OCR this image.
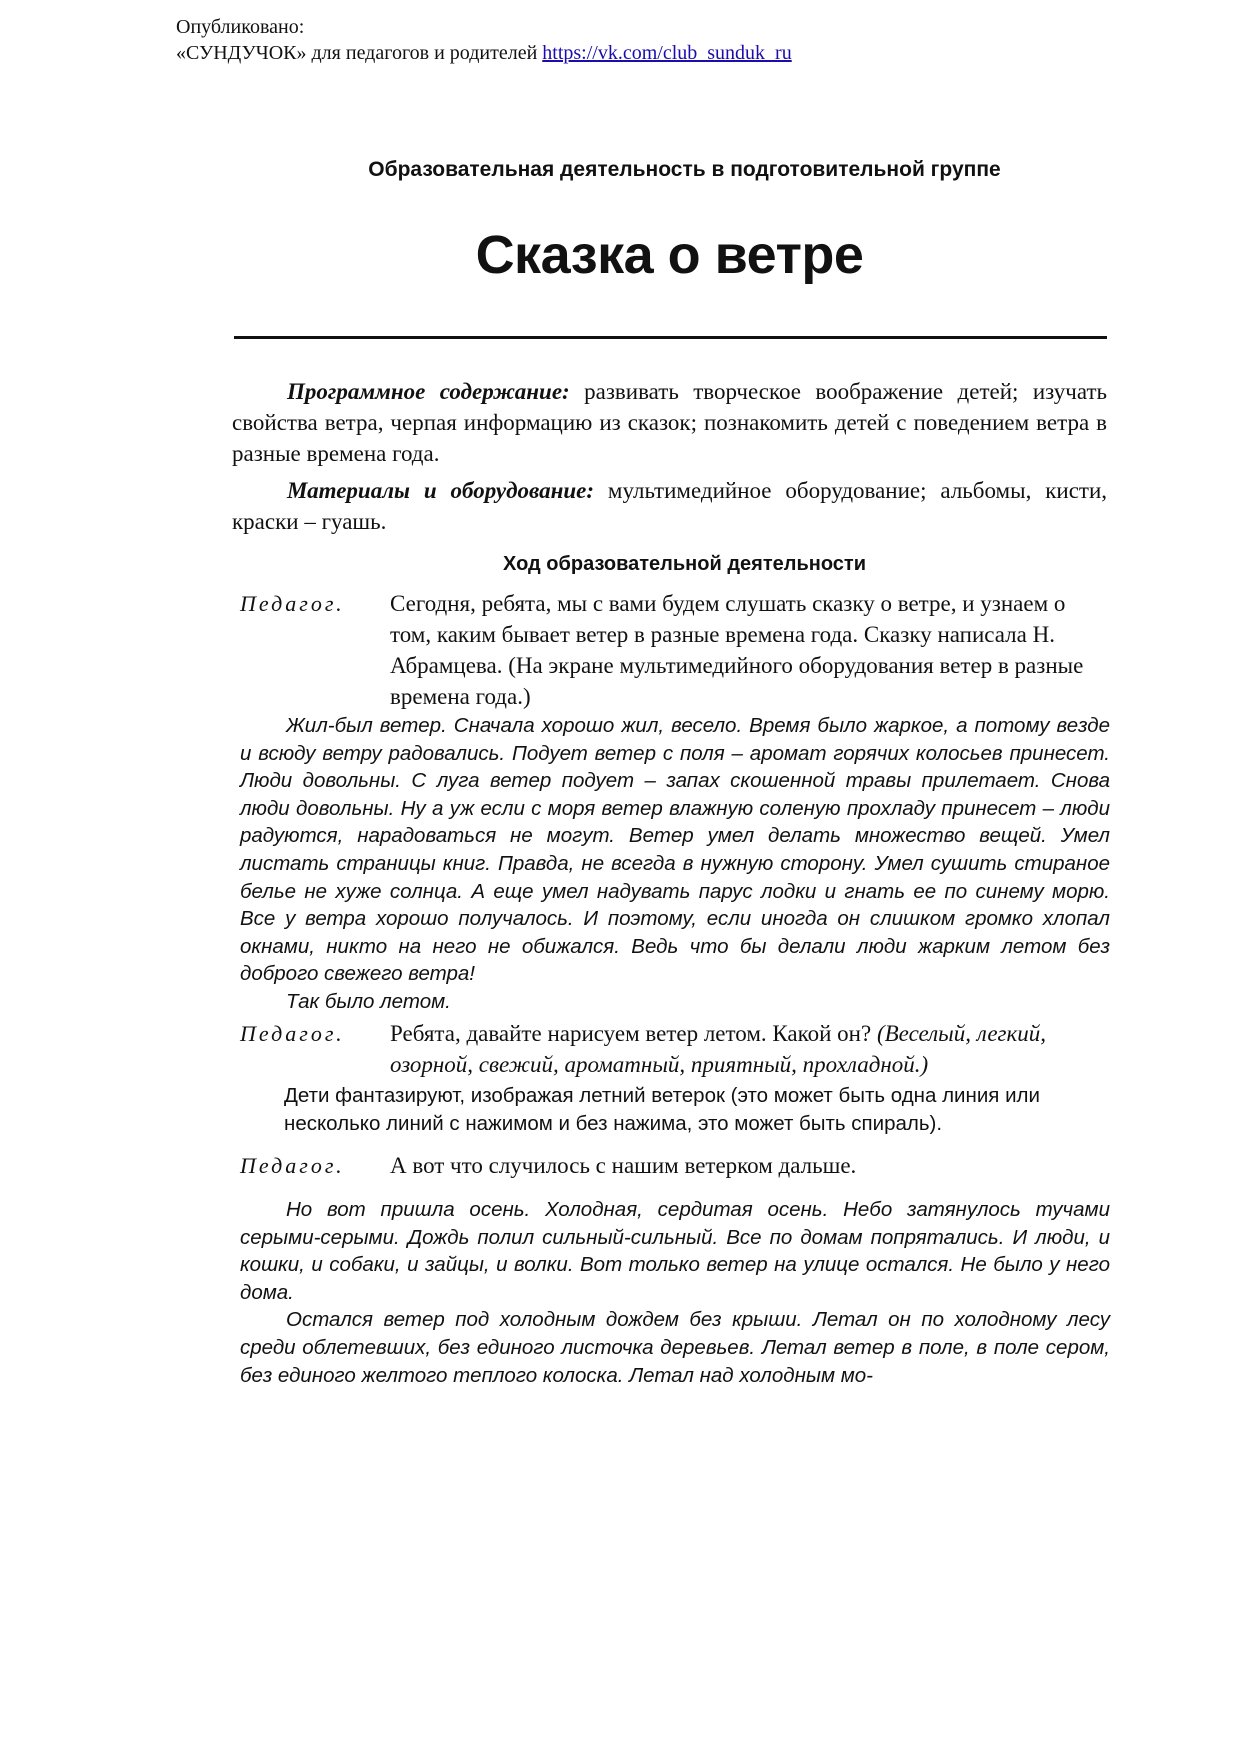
Опубликовано:
«СУНДУЧОК» для педагогов и родителей https://vk.com/club_sunduk_ru
Образовательная деятельность в подготовительной группе
Сказка о ветре
Программное содержание: развивать творческое воображение детей; изучать свойства ветра, черпая информацию из сказок; познакомить детей с поведением ветра в разные времена года.
Материалы и оборудование: мультимедийное оборудование; альбомы, кисти, краски – гуашь.
Ход образовательной деятельности
Педагог. Сегодня, ребята, мы с вами будем слушать сказку о ветре, и узнаем о том, каким бывает ветер в разные времена года. Сказку написала Н. Абрамцева. (На экране мультимедийного оборудования ветер в разные времена года.)

Жил-был ветер. Сначала хорошо жил, весело. Время было жаркое, а потому везде и всюду ветру радовались. Подует ветер с поля – аромат горячих колосьев принесет. Люди довольны. С луга ветер подует – запах скошенной травы прилетает. Снова люди довольны. Ну а уж если с моря ветер влажную соленую прохладу принесет – люди радуются, нарадоваться не могут. Ветер умел делать множество вещей. Умел листать страницы книг. Правда, не всегда в нужную сторону. Умел сушить стираное белье не хуже солнца. А еще умел надувать парус лодки и гнать ее по синему морю. Все у ветра хорошо получалось. И поэтому, если иногда он слишком громко хлопал окнами, никто на него не обижался. Ведь что бы делали люди жарким летом без доброго свежего ветра!

Так было летом.

Педагог. Ребята, давайте нарисуем ветер летом. Какой он? (Веселый, легкий, озорной, свежий, ароматный, приятный, прохладной.)
Дети фантазируют, изображая летний ветерок (это может быть одна линия или несколько линий с нажимом и без нажима, это может быть спираль).
Педагог. А вот что случилось с нашим ветерком дальше.

Но вот пришла осень. Холодная, сердитая осень. Небо затянулось тучами серыми-серыми. Дождь полил сильный-сильный. Все по домам попрятались. И люди, и кошки, и собаки, и зайцы, и волки. Вот только ветер на улице остался. Не было у него дома.

Остался ветер под холодным дождем без крыши. Летал он по холодному лесу среди облетевших, без единого листочка деревьев. Летал ветер в поле, в поле сером, без единого желтого теплого колоска. Летал над холодным мо-
